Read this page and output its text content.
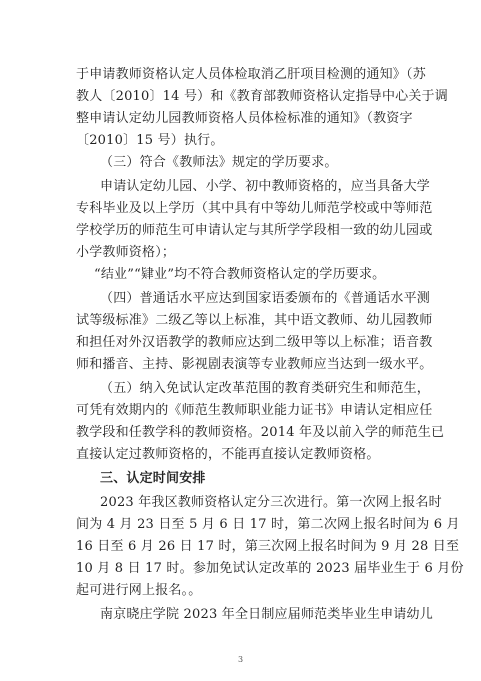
于申请教师资格认定人员体检取消乙肝项目检测的通知》（苏
教人〔2010〕14 号）和《教育部教师资格认定指导中心关于调
整申请认定幼儿园教师资格人员体检标准的通知》（教资字
〔2010〕15 号）执行。
（三）符合《教师法》规定的学历要求。
申请认定幼儿园、小学、初中教师资格的，应当具备大学
专科毕业及以上学历（其中具有中等幼儿师范学校或中等师范
学校学历的师范生可申请认定与其所学学段相一致的幼儿园或
小学教师资格）；
“结业”“肄业”均不符合教师资格认定的学历要求。
（四）普通话水平应达到国家语委颁布的《普通话水平测
试等级标准》二级乙等以上标准，其中语文教师、幼儿园教师
和担任对外汉语教学的教师应达到二级甲等以上标准；语音教
师和播音、主持、影视剧表演等专业教师应当达到一级水平。
（五）纳入免试认定改革范围的教育类研究生和师范生，
可凭有效期内的《师范生教师职业能力证书》申请认定相应任
教学段和任教学科的教师资格。2014 年及以前入学的师范生已
直接认定过教师资格的，不能再直接认定教师资格。
三、认定时间安排
2023 年我区教师资格认定分三次进行。第一次网上报名时
间为 4 月 23 日至 5 月 6 日 17 时，第二次网上报名时间为 6 月
16 日至 6 月 26 日 17 时，第三次网上报名时间为 9 月 28 日至
10 月 8 日 17 时。参加免试认定改革的 2023 届毕业生于 6 月份
起可进行网上报名。。
南京晓庄学院 2023 年全日制应届师范类毕业生申请幼儿
3
